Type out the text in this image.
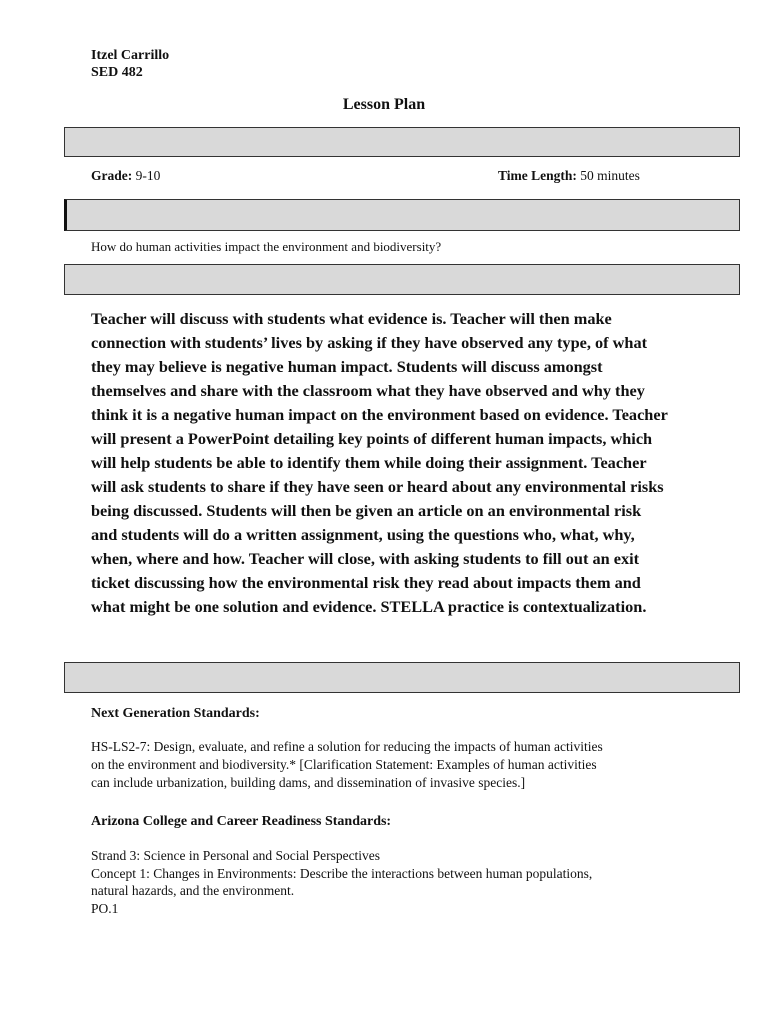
Itzel Carrillo
SED 482
Lesson Plan
Grade: 9-10	Time Length: 50 minutes
How do human activities impact the environment and biodiversity?
Teacher will discuss with students what evidence is. Teacher will then make
connection with students’ lives by asking if they have observed any type, of what
they may believe is negative human impact. Students will discuss amongst
themselves and share with the classroom what they have observed and why they
think it is a negative human impact on the environment based on evidence. Teacher
will present a PowerPoint detailing key points of different human impacts, which
will help students be able to identify them while doing their assignment. Teacher
will ask students to share if they have seen or heard about any environmental risks
being discussed. Students will then be given an article on an environmental risk
and students will do a written assignment, using the questions who, what, why,
when, where and how. Teacher will close, with asking students to fill out an exit
ticket discussing how the environmental risk they read about impacts them and
what might be one solution and evidence. STELLA practice is contextualization.
Next Generation Standards:
HS-LS2-7: Design, evaluate, and refine a solution for reducing the impacts of human activities
on the environment and biodiversity.* [Clarification Statement: Examples of human activities
can include urbanization, building dams, and dissemination of invasive species.]
Arizona College and Career Readiness Standards:
Strand 3: Science in Personal and Social Perspectives
Concept 1: Changes in Environments: Describe the interactions between human populations,
natural hazards, and the environment.
PO.1
